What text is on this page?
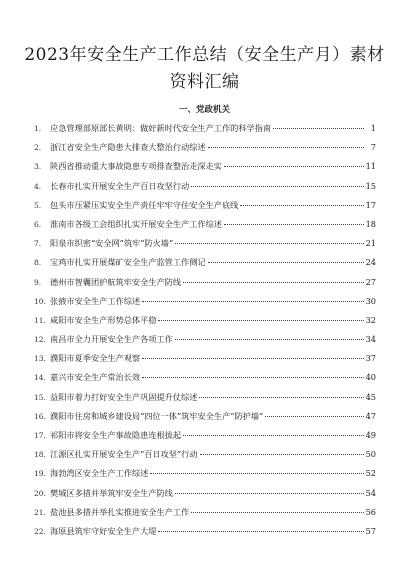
2023年安全生产工作总结（安全生产月）素材资料汇编
一、党政机关
1.	应急管理部原部长黄明：做好新时代安全生产工作的科学指南	1
2.	浙江省安全生产隐患大排查大整治行动综述	7
3.	陕西省推动重大事故隐患专项排查整治走深走实	11
4.	长春市扎实开展安全生产百日攻坚行动	15
5.	包头市压紧压实安全生产责任牢牢守住安全生产底线	17
6.	淮南市各级工会组织扎实开展安全生产工作综述	18
7.	阳泉市织密“安全网”筑牢“防火墙”	21
8.	宝鸡市扎实开展煤矿安全生产监管工作侧记	24
9.	德州市智囊团护航筑牢安全生产防线	27
10. 张掖市安全生产工作综述	30
11. 咸阳市安全生产形势总体平稳	32
12. 南昌市全力开展安全生产各项工作	34
13. 濮阳市夏季安全生产观察	37
14. 嘉兴市安全生产常治长效	40
15. 益阳市着力打好安全生产巩固提升仗综述	45
16. 濮阳市住房和城乡建设局“四位一体”筑牢安全生产“防护墙”	47
17. 祁阳市将安全生产事故隐患连根拔起	49
18. 江源区扎实开展安全生产“百日攻坚”行动	50
19. 海勃湾区安全生产工作综述	52
20. 樊城区多措并举筑牢安全生产防线	54
21. 盐池县多措并举扎实推进安全生产工作	56
22. 海原县筑牢守好安全生产大堤	57
